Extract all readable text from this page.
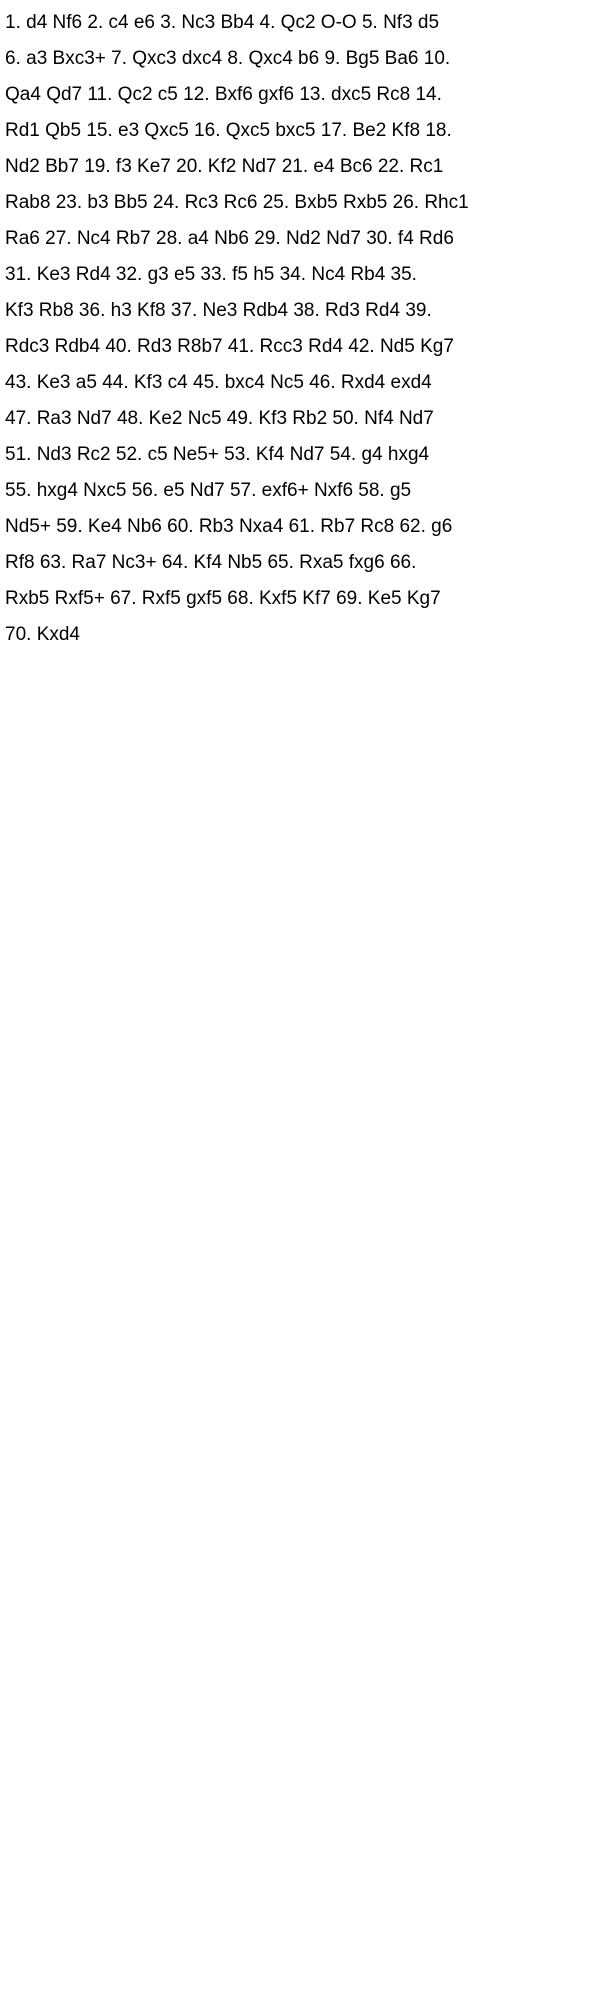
1. d4 Nf6 2. c4 e6 3. Nc3 Bb4 4. Qc2 O-O 5. Nf3 d5
6. a3 Bxc3+ 7. Qxc3 dxc4 8. Qxc4 b6 9. Bg5 Ba6 10.
Qa4 Qd7 11. Qc2 c5 12. Bxf6 gxf6 13. dxc5 Rc8 14.
Rd1 Qb5 15. e3 Qxc5 16. Qxc5 bxc5 17. Be2 Kf8 18.
Nd2 Bb7 19. f3 Ke7 20. Kf2 Nd7 21. e4 Bc6 22. Rc1
Rab8 23. b3 Bb5 24. Rc3 Rc6 25. Bxb5 Rxb5 26. Rhc1
Ra6 27. Nc4 Rb7 28. a4 Nb6 29. Nd2 Nd7 30. f4 Rd6
31. Ke3 Rd4 32. g3 e5 33. f5 h5 34. Nc4 Rb4 35.
Kf3 Rb8 36. h3 Kf8 37. Ne3 Rdb4 38. Rd3 Rd4 39.
Rdc3 Rdb4 40. Rd3 R8b7 41. Rcc3 Rd4 42. Nd5 Kg7
43. Ke3 a5 44. Kf3 c4 45. bxc4 Nc5 46. Rxd4 exd4
47. Ra3 Nd7 48. Ke2 Nc5 49. Kf3 Rb2 50. Nf4 Nd7
51. Nd3 Rc2 52. c5 Ne5+ 53. Kf4 Nd7 54. g4 hxg4
55. hxg4 Nxc5 56. e5 Nd7 57. exf6+ Nxf6 58. g5
Nd5+ 59. Ke4 Nb6 60. Rb3 Nxa4 61. Rb7 Rc8 62. g6
Rf8 63. Ra7 Nc3+ 64. Kf4 Nb5 65. Rxa5 fxg6 66.
Rxb5 Rxf5+ 67. Rxf5 gxf5 68. Kxf5 Kf7 69. Ke5 Kg7
70. Kxd4
